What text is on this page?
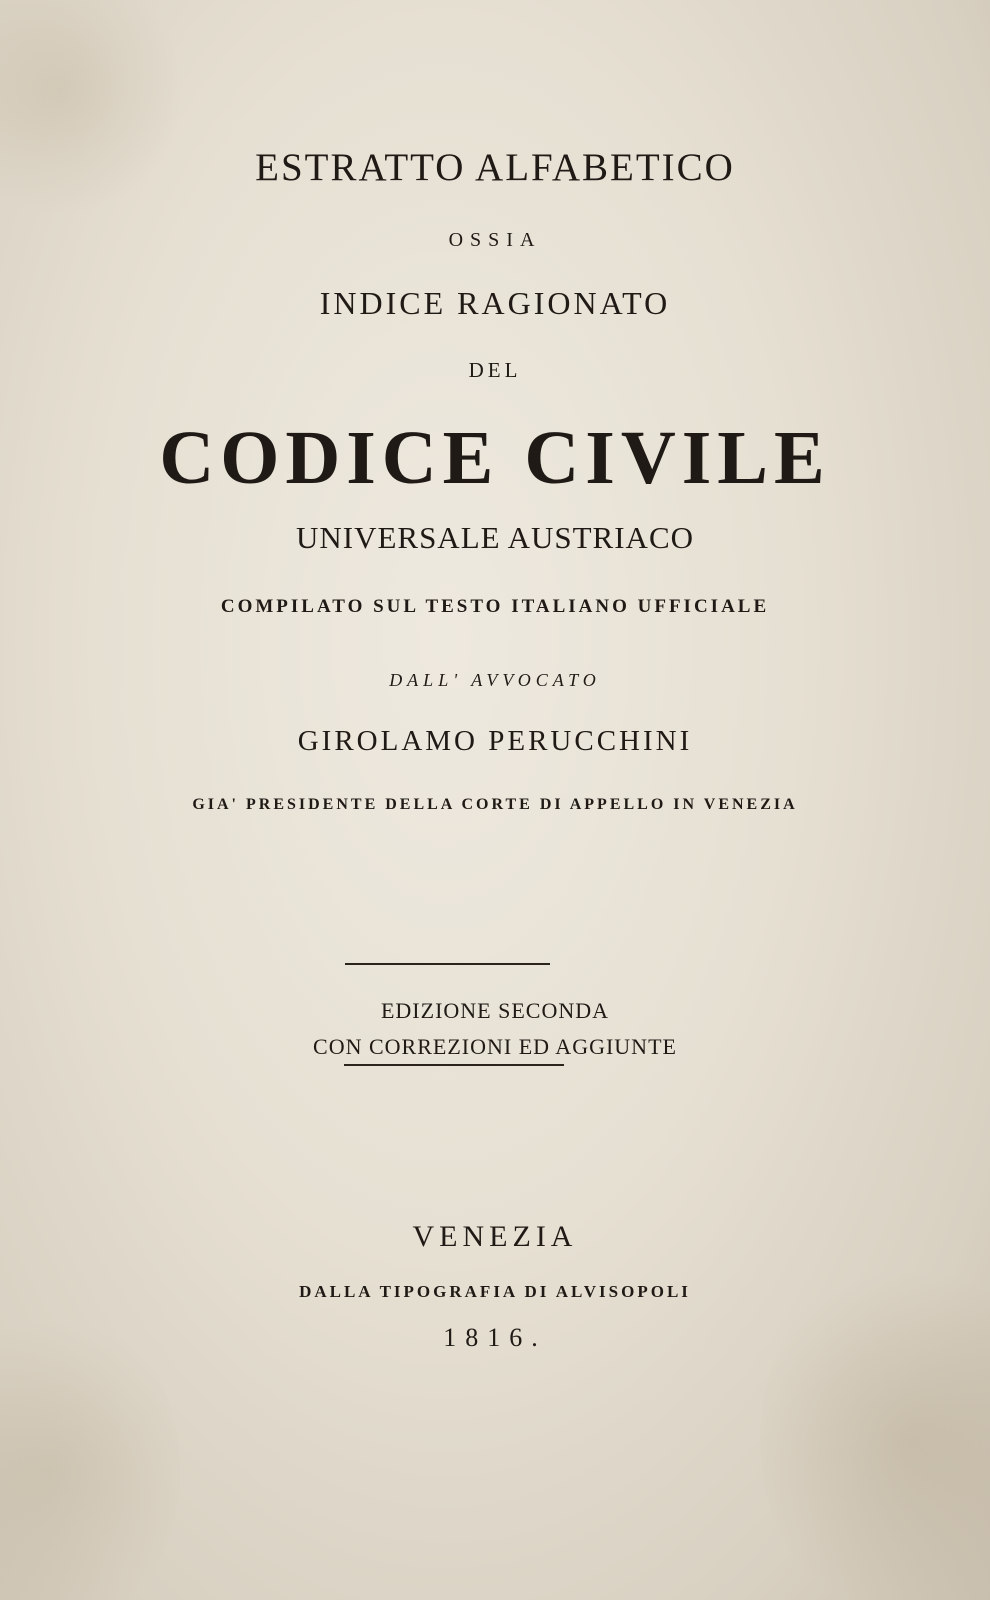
ESTRATTO ALFABETICO
OSSIA
INDICE RAGIONATO
DEL
CODICE CIVILE
UNIVERSALE AUSTRIACO
COMPILATO SUL TESTO ITALIANO UFFICIALE
DALL' AVVOCATO
GIROLAMO PERUCCHINI
GIA' PRESIDENTE DELLA CORTE DI APPELLO IN VENEZIA
EDIZIONE SECONDA
CON CORREZIONI ED AGGIUNTE
VENEZIA
DALLA TIPOGRAFIA DI ALVISOPOLI
1816.
